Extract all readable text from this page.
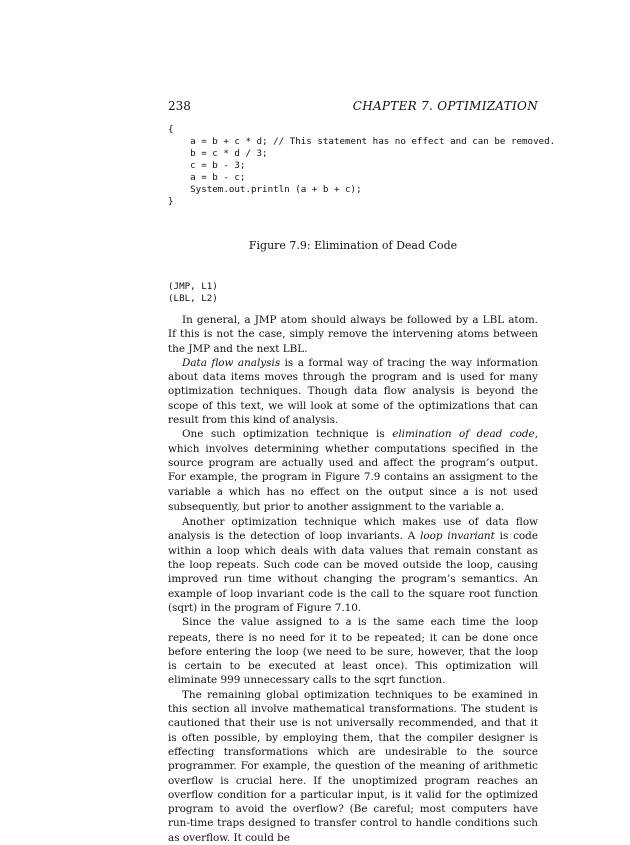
238	CHAPTER 7. OPTIMIZATION
{
a = b + c * d; // This statement has no effect and can be removed.
b = c * d / 3;
c = b - 3;
a = b - c;
System.out.println (a + b + c);
}
Figure 7.9: Elimination of Dead Code
(JMP, L1)
(LBL, L2)

In general, a JMP atom should always be followed by a LBL atom. If this is not the case, simply remove the intervening atoms between the JMP and the next LBL.

Data flow analysis is a formal way of tracing the way information about data items moves through the program and is used for many optimization techniques. Though data flow analysis is beyond the scope of this text, we will look at some of the optimizations that can result from this kind of analysis.

One such optimization technique is elimination of dead code, which involves determining whether computations specified in the source program are actually used and affect the program’s output. For example, the program in Figure 7.9 contains an assigment to the variable a which has no effect on the output since a is not used subsequently, but prior to another assignment to the variable a.

Another optimization technique which makes use of data flow analysis is the detection of loop invariants. A loop invariant is code within a loop which deals with data values that remain constant as the loop repeats. Such code can be moved outside the loop, causing improved run time without changing the program’s semantics. An example of loop invariant code is the call to the square root function (sqrt) in the program of Figure 7.10.

Since the value assigned to a is the same each time the loop repeats, there is no need for it to be repeated; it can be done once before entering the loop (we need to be sure, however, that the loop is certain to be executed at least once). This optimization will eliminate 999 unnecessary calls to the sqrt function.

The remaining global optimization techniques to be examined in this section all involve mathematical transformations. The student is cautioned that their use is not universally recommended, and that it is often possible, by employing them, that the compiler designer is effecting transformations which are undesirable to the source programmer. For example, the question of the meaning of arithmetic overflow is crucial here. If the unoptimized program reaches an overflow condition for a particular input, is it valid for the optimized program to avoid the overflow? (Be careful; most computers have run-time traps designed to transfer control to handle conditions such as overflow. It could be
